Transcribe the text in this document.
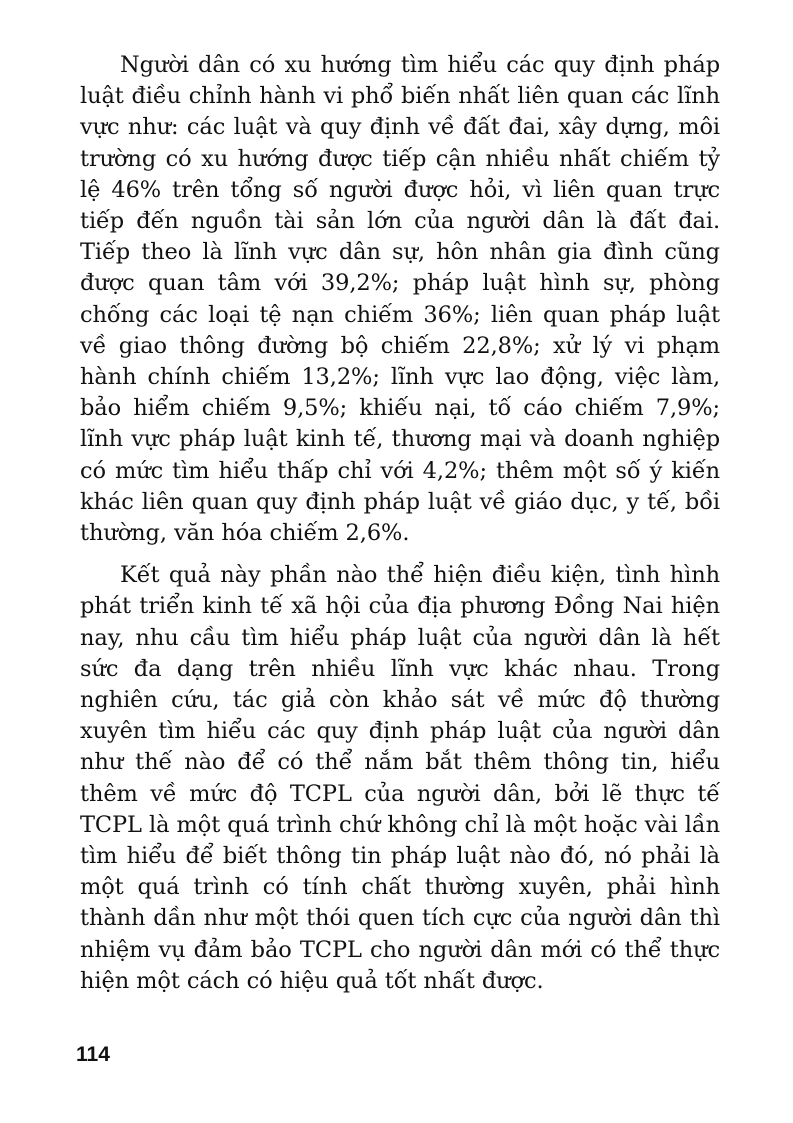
Người dân có xu hướng tìm hiểu các quy định pháp luật điều chỉnh hành vi phổ biến nhất liên quan các lĩnh vực như: các luật và quy định về đất đai, xây dựng, môi trường có xu hướng được tiếp cận nhiều nhất chiếm tỷ lệ 46% trên tổng số người được hỏi, vì liên quan trực tiếp đến nguồn tài sản lớn của người dân là đất đai. Tiếp theo là lĩnh vực dân sự, hôn nhân gia đình cũng được quan tâm với 39,2%; pháp luật hình sự, phòng chống các loại tệ nạn chiếm 36%; liên quan pháp luật về giao thông đường bộ chiếm 22,8%; xử lý vi phạm hành chính chiếm 13,2%; lĩnh vực lao động, việc làm, bảo hiểm chiếm 9,5%; khiếu nại, tố cáo chiếm 7,9%; lĩnh vực pháp luật kinh tế, thương mại và doanh nghiệp có mức tìm hiểu thấp chỉ với 4,2%; thêm một số ý kiến khác liên quan quy định pháp luật về giáo dục, y tế, bồi thường, văn hóa chiếm 2,6%.

Kết quả này phần nào thể hiện điều kiện, tình hình phát triển kinh tế xã hội của địa phương Đồng Nai hiện nay, nhu cầu tìm hiểu pháp luật của người dân là hết sức đa dạng trên nhiều lĩnh vực khác nhau. Trong nghiên cứu, tác giả còn khảo sát về mức độ thường xuyên tìm hiểu các quy định pháp luật của người dân như thế nào để có thể nắm bắt thêm thông tin, hiểu thêm về mức độ TCPL của người dân, bởi lẽ thực tế TCPL là một quá trình chứ không chỉ là một hoặc vài lần tìm hiểu để biết thông tin pháp luật nào đó, nó phải là một quá trình có tính chất thường xuyên, phải hình thành dần như một thói quen tích cực của người dân thì nhiệm vụ đảm bảo TCPL cho người dân mới có thể thực hiện một cách có hiệu quả tốt nhất được.

114
